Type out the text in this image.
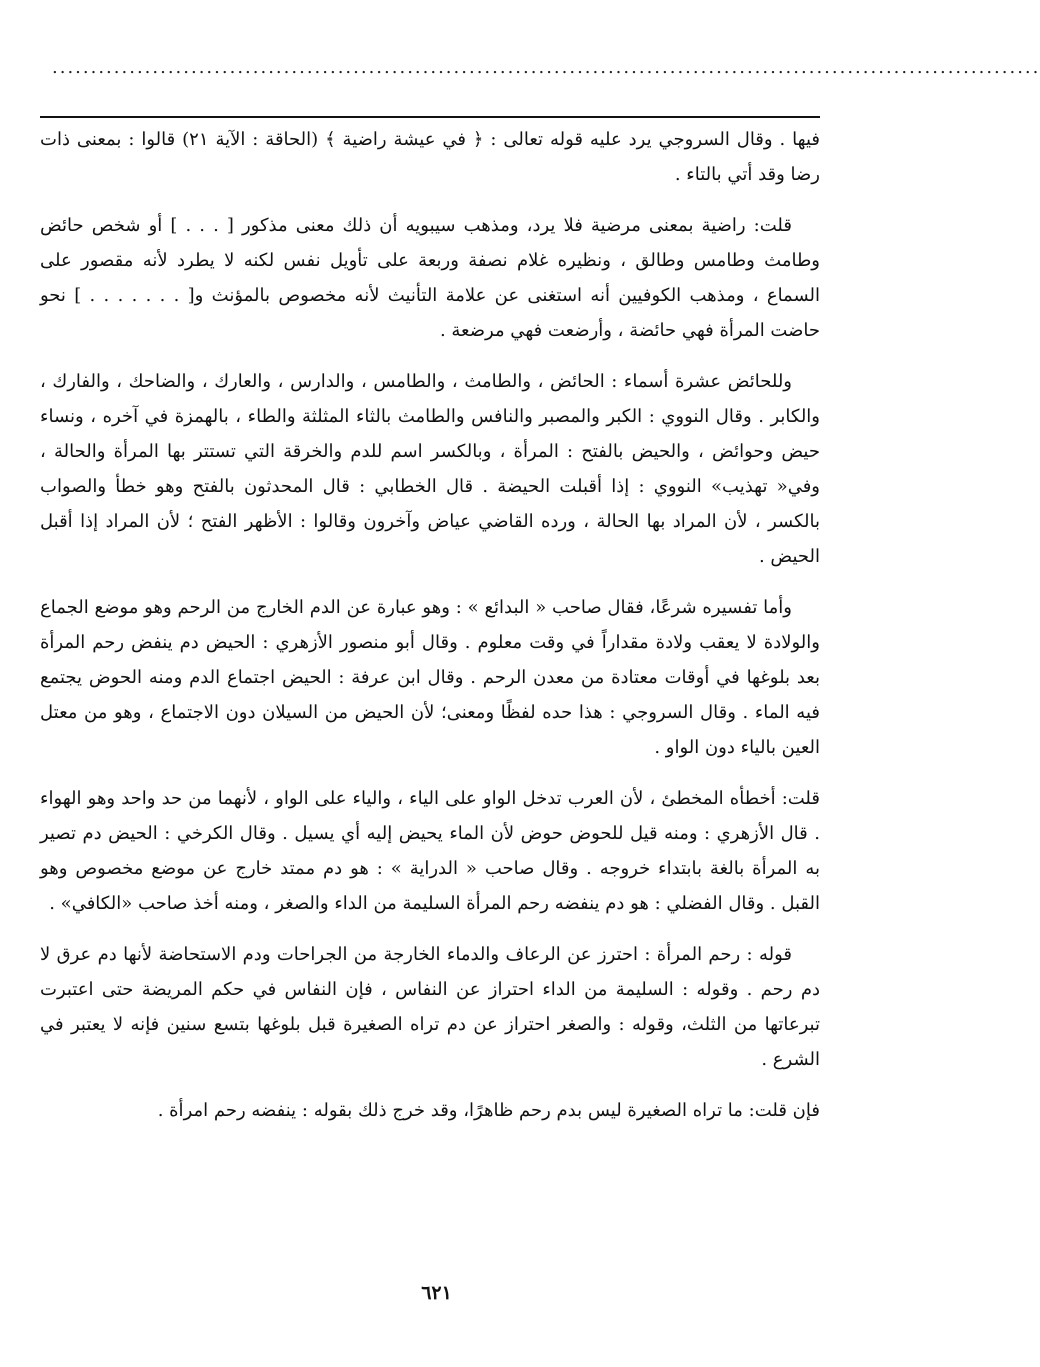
................................................................................................................................

فيها . وقال السروجي يرد عليه قوله تعالى : ﴿ في عيشة راضية ﴾ (الحاقة : الآية ٢١) قالوا : بمعنى ذات رضا وقد أتي بالتاء .

قلت: راضية بمعنى مرضية فلا يرد، ومذهب سيبويه أن ذلك معنى مذكور [ . . . ] أو شخص حائض وطامث وطامس وطالق ، ونظيره غلام نصفة وربعة على تأويل نفس لكنه لا يطرد لأنه مقصور على السماع ، ومذهب الكوفيين أنه استغنى عن علامة التأنيث لأنه مخصوص بالمؤنث و[ . . . . . . . ] نحو حاضت المرأة فهي حائضة ، وأرضعت فهي مرضعة .

وللحائض عشرة أسماء : الحائض ، والطامث ، والطامس ، والدارس ، والعارك ، والضاحك ، والفارك ، والكابر . وقال النووي : الكبر والمصبر والنافس والطامث بالثاء المثلثة والطاء ، بالهمزة في آخره ، ونساء حيض وحوائض ، والحيض بالفتح : المرأة ، وبالكسر اسم للدم والخرقة التي تستتر بها المرأة والحالة ، وفي« تهذيب» النووي : إذا أقبلت الحيضة . قال الخطابي : قال المحدثون بالفتح وهو خطأ والصواب بالكسر ، لأن المراد بها الحالة ، ورده القاضي عياض وآخرون وقالوا : الأظهر الفتح ؛ لأن المراد إذا أقبل الحيض .

وأما تفسيره شرعًا، فقال صاحب « البدائع » : وهو عبارة عن الدم الخارج من الرحم وهو موضع الجماع والولادة لا يعقب ولادة مقداراً في وقت معلوم . وقال أبو منصور الأزهري : الحيض دم ينفض رحم المرأة بعد بلوغها في أوقات معتادة من معدن الرحم . وقال ابن عرفة : الحيض اجتماع الدم ومنه الحوض يجتمع فيه الماء . وقال السروجي : هذا حده لفظًا ومعنى؛ لأن الحيض من السيلان دون الاجتماع ، وهو من معتل العين بالياء دون الواو .

قلت: أخطأه المخطئ ، لأن العرب تدخل الواو على الياء ، والياء على الواو ، لأنهما من حد واحد وهو الهواء . قال الأزهري : ومنه قيل للحوض حوض لأن الماء يحيض إليه أي يسيل . وقال الكرخي : الحيض دم تصير به المرأة بالغة بابتداء خروجه . وقال صاحب « الدراية » : هو دم ممتد خارج عن موضع مخصوص وهو القبل . وقال الفضلي : هو دم ينفضه رحم المرأة السليمة من الداء والصغر ، ومنه أخذ صاحب «الكافي» .

قوله : رحم المرأة : احترز عن الرعاف والدماء الخارجة من الجراحات ودم الاستحاضة لأنها دم عرق لا دم رحم . وقوله : السليمة من الداء احتراز عن النفاس ، فإن النفاس في حكم المريضة حتى اعتبرت تبرعاتها من الثلث، وقوله : والصغر احتراز عن دم تراه الصغيرة قبل بلوغها بتسع سنين فإنه لا يعتبر في الشرع .

فإن قلت: ما تراه الصغيرة ليس بدم رحم ظاهرًا، وقد خرج ذلك بقوله : ينفضه رحم امرأة .

٦٢١
